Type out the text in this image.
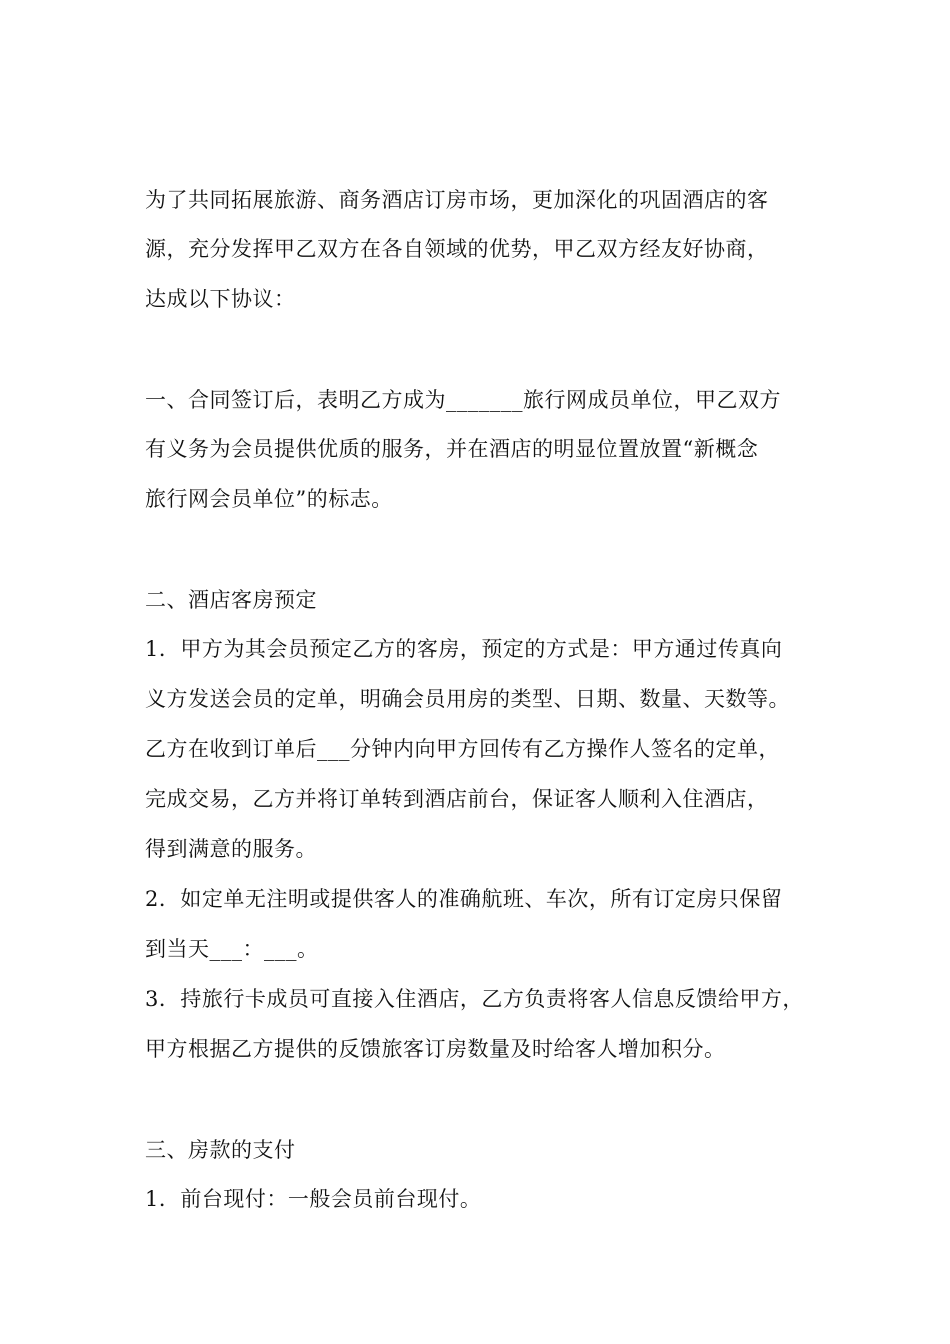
为了共同拓展旅游、商务酒店订房市场，更加深化的巩固酒店的客
源，充分发挥甲乙双方在各自领域的优势，甲乙双方经友好协商，
达成以下协议：
一、合同签订后，表明乙方成为_______旅行网成员单位，甲乙双方
有义务为会员提供优质的服务，并在酒店的明显位置放置“新概念
旅行网会员单位”的标志。
二、酒店客房预定
1．甲方为其会员预定乙方的客房，预定的方式是：甲方通过传真向
义方发送会员的定单，明确会员用房的类型、日期、数量、天数等。
乙方在收到订单后___分钟内向甲方回传有乙方操作人签名的定单，
完成交易，乙方并将订单转到酒店前台，保证客人顺利入住酒店，
得到满意的服务。
2．如定单无注明或提供客人的准确航班、车次，所有订定房只保留
到当天___：___。
3．持旅行卡成员可直接入住酒店，乙方负责将客人信息反馈给甲方，
甲方根据乙方提供的反馈旅客订房数量及时给客人增加积分。
三、房款的支付
1．前台现付：一般会员前台现付。
